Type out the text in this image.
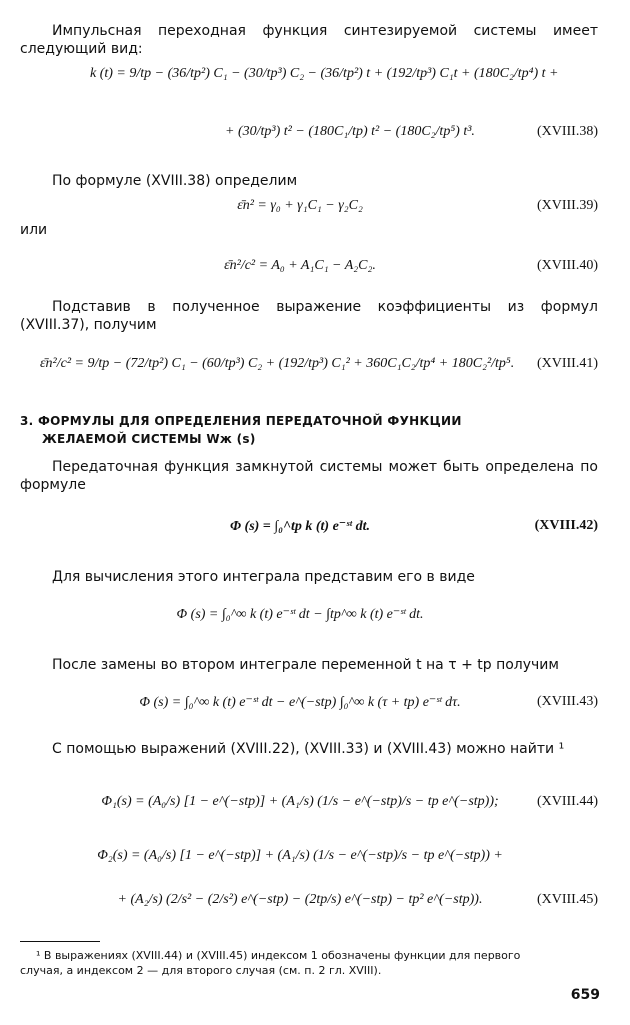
Импульсная переходная функция синтезируемой системы имеет следующий вид:
k (t) = 9/tp − (36/tp²) C₁ − (30/tp³) C₂ − (36/tp²) t + (192/tp³) C₁t + (180C₂/tp⁴) t +
+ (30/tp³) t² − (180C₁/tp) t² − (180C₂/tp⁵) t³.	(XVIII.38)
По формуле (XVIII.38) определим
ε̄п² = γ₀ + γ₁C₁ − γ₂C₂	(XVIII.39)
или
ε̄п²/c² = A₀ + A₁C₁ − A₂C₂.	(XVIII.40)
Подставив в полученное выражение коэффициенты из формул (XVIII.37), получим
ε̄п²/c² = 9/tp − (72/tp²) C₁ − (60/tp³) C₂ + (192/tp³) C₁² + 360C₁C₂/tp⁴ + 180C₂²/tp⁵.	(XVIII.41)
3. ФОРМУЛЫ ДЛЯ ОПРЕДЕЛЕНИЯ ПЕРЕДАТОЧНОЙ ФУНКЦИИ
ЖЕЛАЕМОЙ СИСТЕМЫ Wж (s)
Передаточная функция замкнутой системы может быть определена по формуле
Φ (s) = ∫₀^tp k (t) e⁻ˢᵗ dt.	(XVIII.42)
Для вычисления этого интеграла представим его в виде
Φ (s) = ∫₀^∞ k (t) e⁻ˢᵗ dt − ∫tp^∞ k (t) e⁻ˢᵗ dt.
После замены во втором интеграле переменной t на τ + tp получим
Φ (s) = ∫₀^∞ k (t) e⁻ˢᵗ dt − e^(−stp) ∫₀^∞ k (τ + tp) e⁻ˢᵗ dτ.	(XVIII.43)
С помощью выражений (XVIII.22), (XVIII.33) и (XVIII.43) можно найти ¹
Φ₁(s) = (A₀/s) [1 − e^(−stp)] + (A₁/s) (1/s − e^(−stp)/s − tp e^(−stp));	(XVIII.44)
Φ₂(s) = (A₀/s) [1 − e^(−stp)] + (A₁/s) (1/s − e^(−stp)/s − tp e^(−stp)) +
+ (A₂/s) (2/s² − (2/s²) e^(−stp) − (2tp/s) e^(−stp) − tp² e^(−stp)).	(XVIII.45)
¹ В выражениях (XVIII.44) и (XVIII.45) индексом 1 обозначены функции для первого
случая, а индексом 2 — для второго случая (см. п. 2 гл. XVIII).
659
